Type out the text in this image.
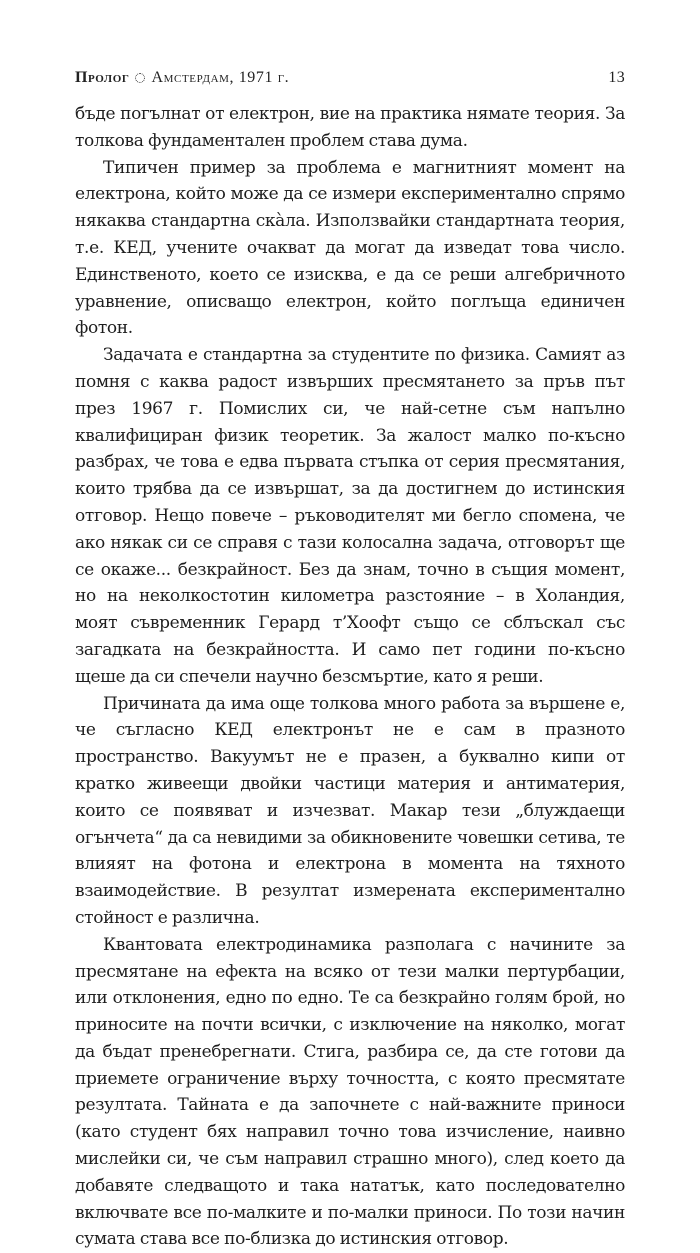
Пролог Амстердам, 1971 г.	13

бъде погълнат от електрон, вие на практика нямате теория. За толкова фундаментален проблем става дума.

Типичен пример за проблема е магнитният момент на електрона, който може да се измери експериментално спрямо някаква стандартна скàла. Използвайки стандартната теория, т.е. КЕД, учените очакват да могат да изведат това число. Единственото, което се изисква, е да се реши алгебричното уравнение, описващо електрон, който поглъща единичен фотон.

Задачата е стандартна за студентите по физика. Самият аз помня с каква радост извърших пресмятането за пръв път през 1967 г. Помислих си, че най-сетне съм напълно квалифициран физик теоретик. За жалост малко по-късно разбрах, че това е едва първата стъпка от серия пресмятания, които трябва да се извършат, за да достигнем до истинския отговор. Нещо повече – ръководителят ми бегло спомена, че ако някак си се справя с тази колосална задача, отговорът ще се окаже... безкрайност. Без да знам, точно в същия момент, но на неколкостотин километра разстояние – в Холандия, моят съвременник Герард т’Хоофт също се сблъскал със загадката на безкрайността. И само пет години по-късно щеше да си спечели научно безсмъртие, като я реши.

Причината да има още толкова много работа за вършене е, че съгласно КЕД електронът не е сам в празното пространство. Вакуумът не е празен, а буквално кипи от кратко живеещи двойки частици материя и антиматерия, които се появяват и изчезват. Макар тези „блуждаещи огънчета“ да са невидими за обикновените човешки сетива, те влияят на фотона и електрона в момента на тяхното взаимодействие. В резултат измерената експериментално стойност е различна.

Квантовата електродинамика разполага с начините за пресмятане на ефекта на всяко от тези малки пертурбации, или отклонения, едно по едно. Те са безкрайно голям брой, но приносите на почти всички, с изключение на няколко, могат да бъдат пренебрегнати. Стига, разбира се, да сте готови да приемете ограничение върху точността, с която пресмятате резултата. Тайната е да започнете с най-важните приноси (като студент бях направил точно това изчисление, наивно мислейки си, че съм направил страшно много), след което да добавяте следващото и така нататък, като последователно включвате все по-малките и по-малки приноси. По този начин сумата става все по-близка до истинския отговор.
